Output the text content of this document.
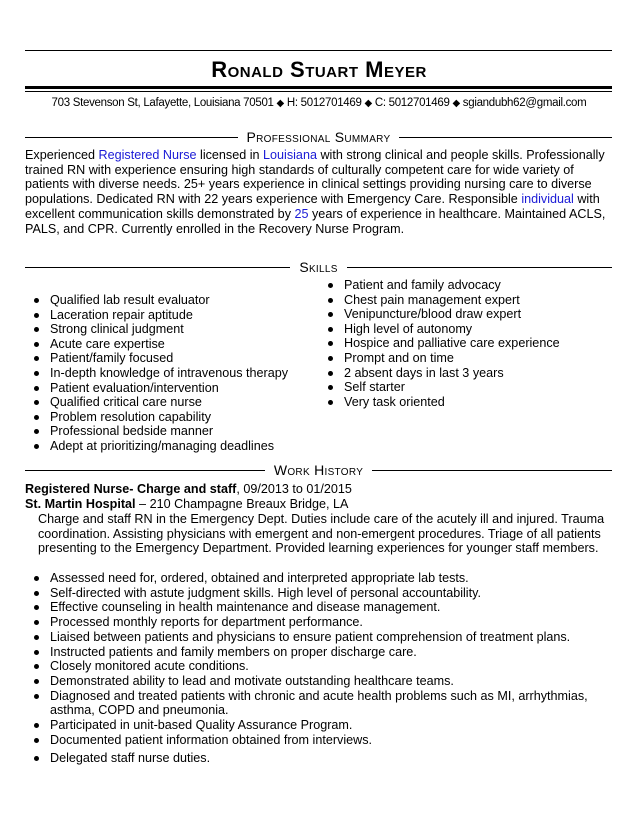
Ronald Stuart Meyer
703 Stevenson St, Lafayette, Louisiana 70501 ◆ H: 5012701469 ◆ C: 5012701469 ◆ sgiandubh62@gmail.com
Professional Summary
Experienced Registered Nurse licensed in Louisiana with strong clinical and people skills. Professionally trained RN with experience ensuring high standards of culturally competent care for wide variety of patients with diverse needs. 25+ years experience in clinical settings providing nursing care to diverse populations. Dedicated RN with 22 years experience with Emergency Care. Responsible individual with excellent communication skills demonstrated by 25 years of experience in healthcare. Maintained ACLS, PALS, and CPR. Currently enrolled in the Recovery Nurse Program.
Skills
Qualified lab result evaluator
Laceration repair aptitude
Strong clinical judgment
Acute care expertise
Patient/family focused
In-depth knowledge of intravenous therapy
Patient evaluation/intervention
Qualified critical care nurse
Problem resolution capability
Professional bedside manner
Adept at prioritizing/managing deadlines
Patient and family advocacy
Chest pain management expert
Venipuncture/blood draw expert
High level of autonomy
Hospice and palliative care experience
Prompt and on time
2 absent days in last 3 years
Self starter
Very task oriented
Work History
Registered Nurse- Charge and staff, 09/2013 to 01/2015
St. Martin Hospital – 210 Champagne Breaux Bridge, LA
Charge and staff RN in the Emergency Dept. Duties include care of the acutely ill and injured. Trauma coordination. Assisting physicians with emergent and non-emergent procedures. Triage of all patients presenting to the Emergency Department. Provided learning experiences for younger staff members.
Assessed need for, ordered, obtained and interpreted appropriate lab tests.
Self-directed with astute judgment skills. High level of personal accountability.
Effective counseling in health maintenance and disease management.
Processed monthly reports for department performance.
Liaised between patients and physicians to ensure patient comprehension of treatment plans.
Instructed patients and family members on proper discharge care.
Closely monitored acute conditions.
Demonstrated ability to lead and motivate outstanding healthcare teams.
Diagnosed and treated patients with chronic and acute health problems such as MI, arrhythmias, asthma, COPD and pneumonia.
Participated in unit-based Quality Assurance Program.
Documented patient information obtained from interviews.
Delegated staff nurse duties.
